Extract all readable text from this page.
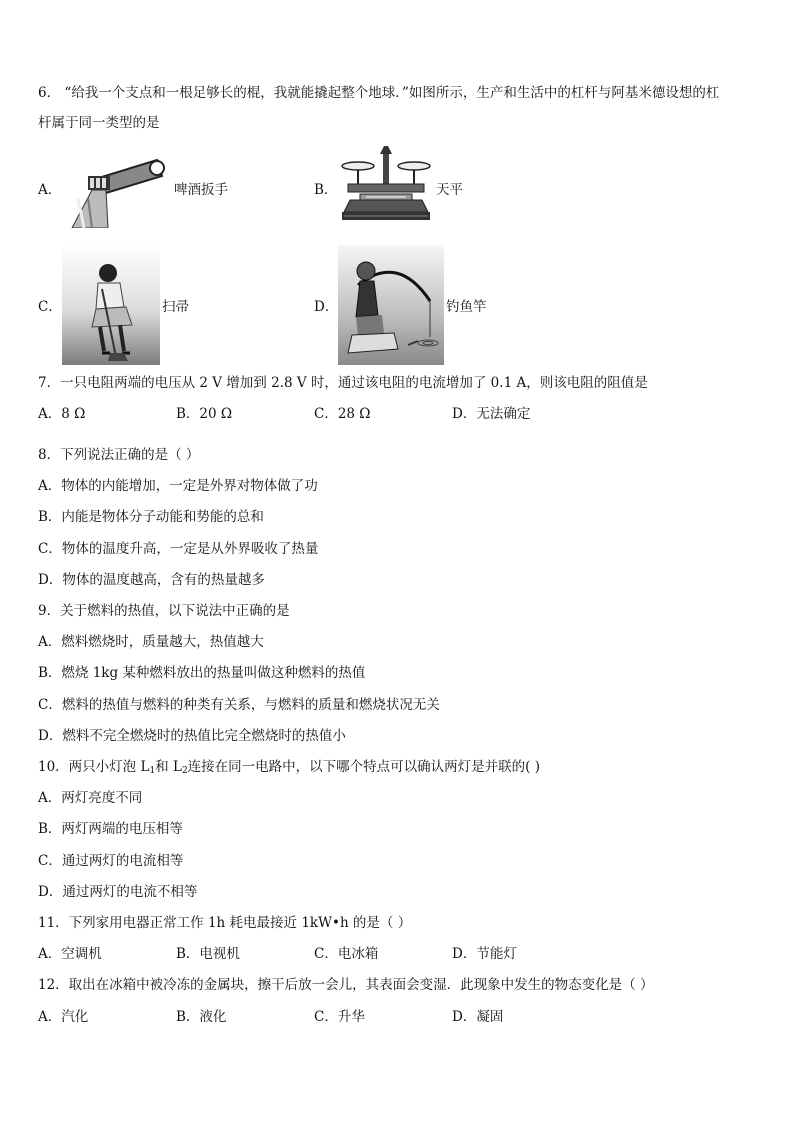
6． “给我一个支点和一根足够长的棍，我就能撬起整个地球．”如图所示，生产和生活中的杠杆与阿基米德设想的杠
杆属于同一类型的是
A．	啤酒扳手	B．	天平
C．	扫帚	D．	钓鱼竿
7．一只电阻两端的电压从 2 V 增加到 2.8 V 时，通过该电阻的电流增加了 0.1 A，则该电阻的阻值是
A．8 Ω	B．20 Ω	C．28 Ω	D．无法确定
8．下列说法正确的是（ ）
A．物体的内能增加，一定是外界对物体做了功
B．内能是物体分子动能和势能的总和
C．物体的温度升高，一定是从外界吸收了热量
D．物体的温度越高，含有的热量越多
9．关于燃料的热值，以下说法中正确的是
A．燃料燃烧时，质量越大，热值越大
B．燃烧 1kg 某种燃料放出的热量叫做这种燃料的热值
C．燃料的热值与燃料的种类有关系，与燃料的质量和燃烧状况无关
D．燃料不完全燃烧时的热值比完全燃烧时的热值小
10．两只小灯泡 $L_1$和 $L_2$连接在同一电路中，以下哪个特点可以确认两灯是并联的( )
A．两灯亮度不同
B．两灯两端的电压相等
C．通过两灯的电流相等
D．通过两灯的电流不相等
11．下列家用电器正常工作 1h 耗电最接近 1kW•h 的是（ ）
A．空调机	B．电视机	C．电冰箱	D．节能灯
12．取出在冰箱中被冷冻的金属块，擦干后放一会儿，其表面会变湿．此现象中发生的物态变化是（ ）
A．汽化	B．液化	C．升华	D．凝固
